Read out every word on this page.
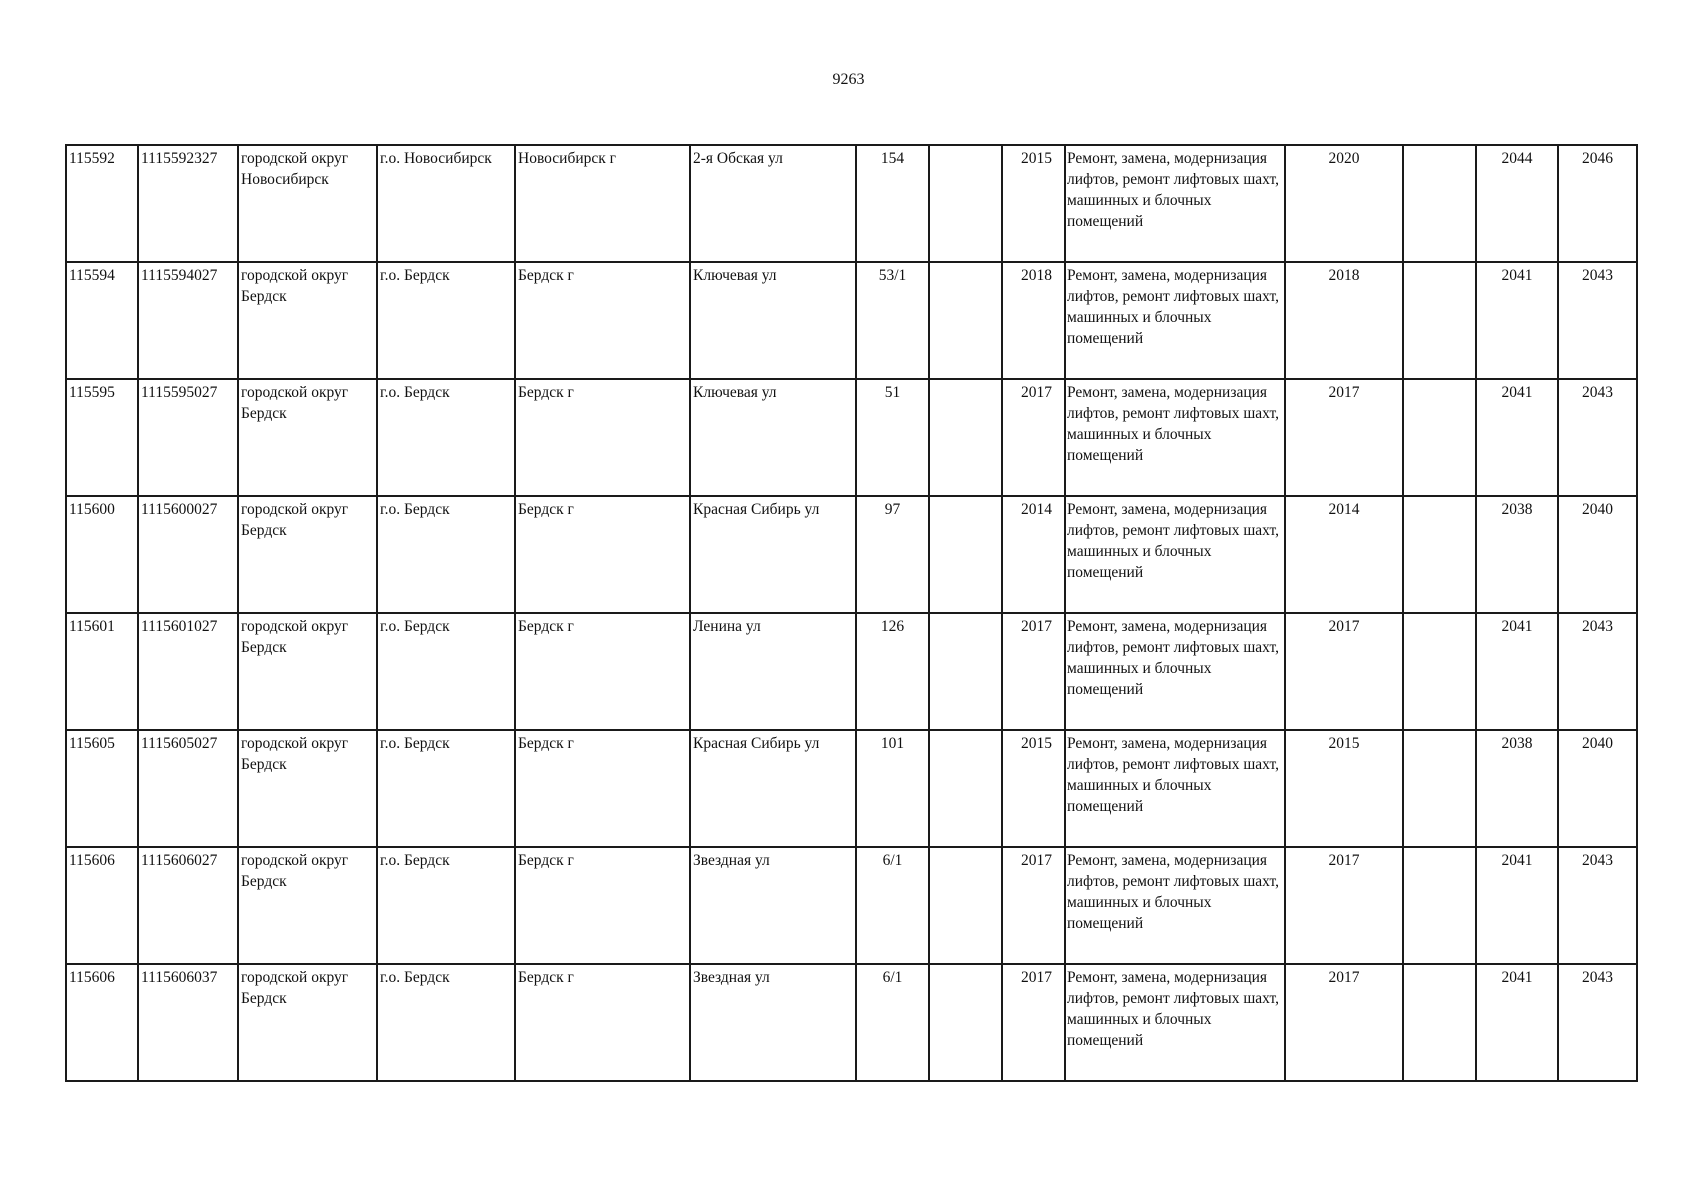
9263
115592	1115592327	городской округ Новосибирск	г.о. Новосибирск	Новосибирск г	2-я Обская ул	154		2015	Ремонт, замена, модернизация лифтов, ремонт лифтовых шахт, машинных и блочных помещений	2020		2044	2046
115594	1115594027	городской округ Бердск	г.о. Бердск	Бердск г	Ключевая ул	53/1		2018	Ремонт, замена, модернизация лифтов, ремонт лифтовых шахт, машинных и блочных помещений	2018		2041	2043
115595	1115595027	городской округ Бердск	г.о. Бердск	Бердск г	Ключевая ул	51		2017	Ремонт, замена, модернизация лифтов, ремонт лифтовых шахт, машинных и блочных помещений	2017		2041	2043
115600	1115600027	городской округ Бердск	г.о. Бердск	Бердск г	Красная Сибирь ул	97		2014	Ремонт, замена, модернизация лифтов, ремонт лифтовых шахт, машинных и блочных помещений	2014		2038	2040
115601	1115601027	городской округ Бердск	г.о. Бердск	Бердск г	Ленина ул	126		2017	Ремонт, замена, модернизация лифтов, ремонт лифтовых шахт, машинных и блочных помещений	2017		2041	2043
115605	1115605027	городской округ Бердск	г.о. Бердск	Бердск г	Красная Сибирь ул	101		2015	Ремонт, замена, модернизация лифтов, ремонт лифтовых шахт, машинных и блочных помещений	2015		2038	2040
115606	1115606027	городской округ Бердск	г.о. Бердск	Бердск г	Звездная ул	6/1		2017	Ремонт, замена, модернизация лифтов, ремонт лифтовых шахт, машинных и блочных помещений	2017		2041	2043
115606	1115606037	городской округ Бердск	г.о. Бердск	Бердск г	Звездная ул	6/1		2017	Ремонт, замена, модернизация лифтов, ремонт лифтовых шахт, машинных и блочных помещений	2017		2041	2043
